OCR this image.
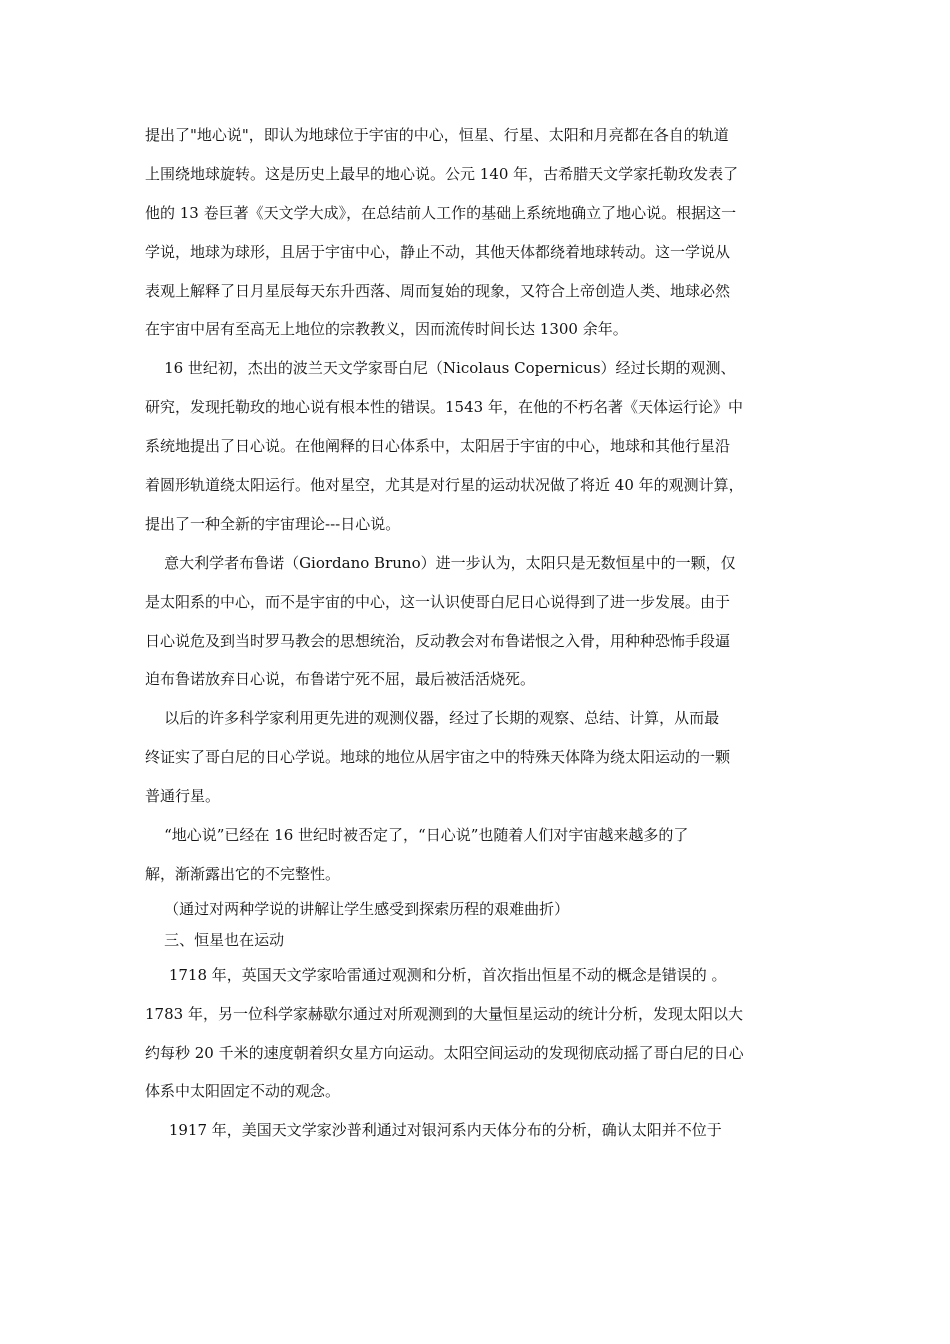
提出了"地心说"，即认为地球位于宇宙的中心，恒星、行星、太阳和月亮都在各自的轨道
上围绕地球旋转。这是历史上最早的地心说。公元 140 年，古希腊天文学家托勒玫发表了
他的 13 卷巨著《天文学大成》，在总结前人工作的基础上系统地确立了地心说。根据这一
学说，地球为球形，且居于宇宙中心，静止不动，其他天体都绕着地球转动。这一学说从
表观上解释了日月星辰每天东升西落、周而复始的现象，又符合上帝创造人类、地球必然
在宇宙中居有至高无上地位的宗教教义，因而流传时间长达 1300 余年。
16 世纪初，杰出的波兰天文学家哥白尼（Nicolaus Copernicus）经过长期的观测、
研究，发现托勒玫的地心说有根本性的错误。1543 年，在他的不朽名著《天体运行论》中
系统地提出了日心说。在他阐释的日心体系中，太阳居于宇宙的中心，地球和其他行星沿
着圆形轨道绕太阳运行。他对星空，尤其是对行星的运动状况做了将近 40 年的观测计算，
提出了一种全新的宇宙理论---日心说。
意大利学者布鲁诺（Giordano Bruno）进一步认为，太阳只是无数恒星中的一颗，仅
是太阳系的中心，而不是宇宙的中心，这一认识使哥白尼日心说得到了进一步发展。由于
日心说危及到当时罗马教会的思想统治，反动教会对布鲁诺恨之入骨，用种种恐怖手段逼
迫布鲁诺放弃日心说，布鲁诺宁死不屈，最后被活活烧死。
以后的许多科学家利用更先进的观测仪器，经过了长期的观察、总结、计算，从而最
终证实了哥白尼的日心学说。地球的地位从居宇宙之中的特殊天体降为绕太阳运动的一颗
普通行星。
“地心说”已经在 16 世纪时被否定了，“日心说”也随着人们对宇宙越来越多的了
解，渐渐露出它的不完整性。
（通过对两种学说的讲解让学生感受到探索历程的艰难曲折）
三、恒星也在运动
1718 年，英国天文学家哈雷通过观测和分析，首次指出恒星不动的概念是错误的 。
1783 年，另一位科学家赫歇尔通过对所观测到的大量恒星运动的统计分析，发现太阳以大
约每秒 20 千米的速度朝着织女星方向运动。太阳空间运动的发现彻底动摇了哥白尼的日心
体系中太阳固定不动的观念。
1917 年，美国天文学家沙普利通过对银河系内天体分布的分析，确认太阳并不位于
